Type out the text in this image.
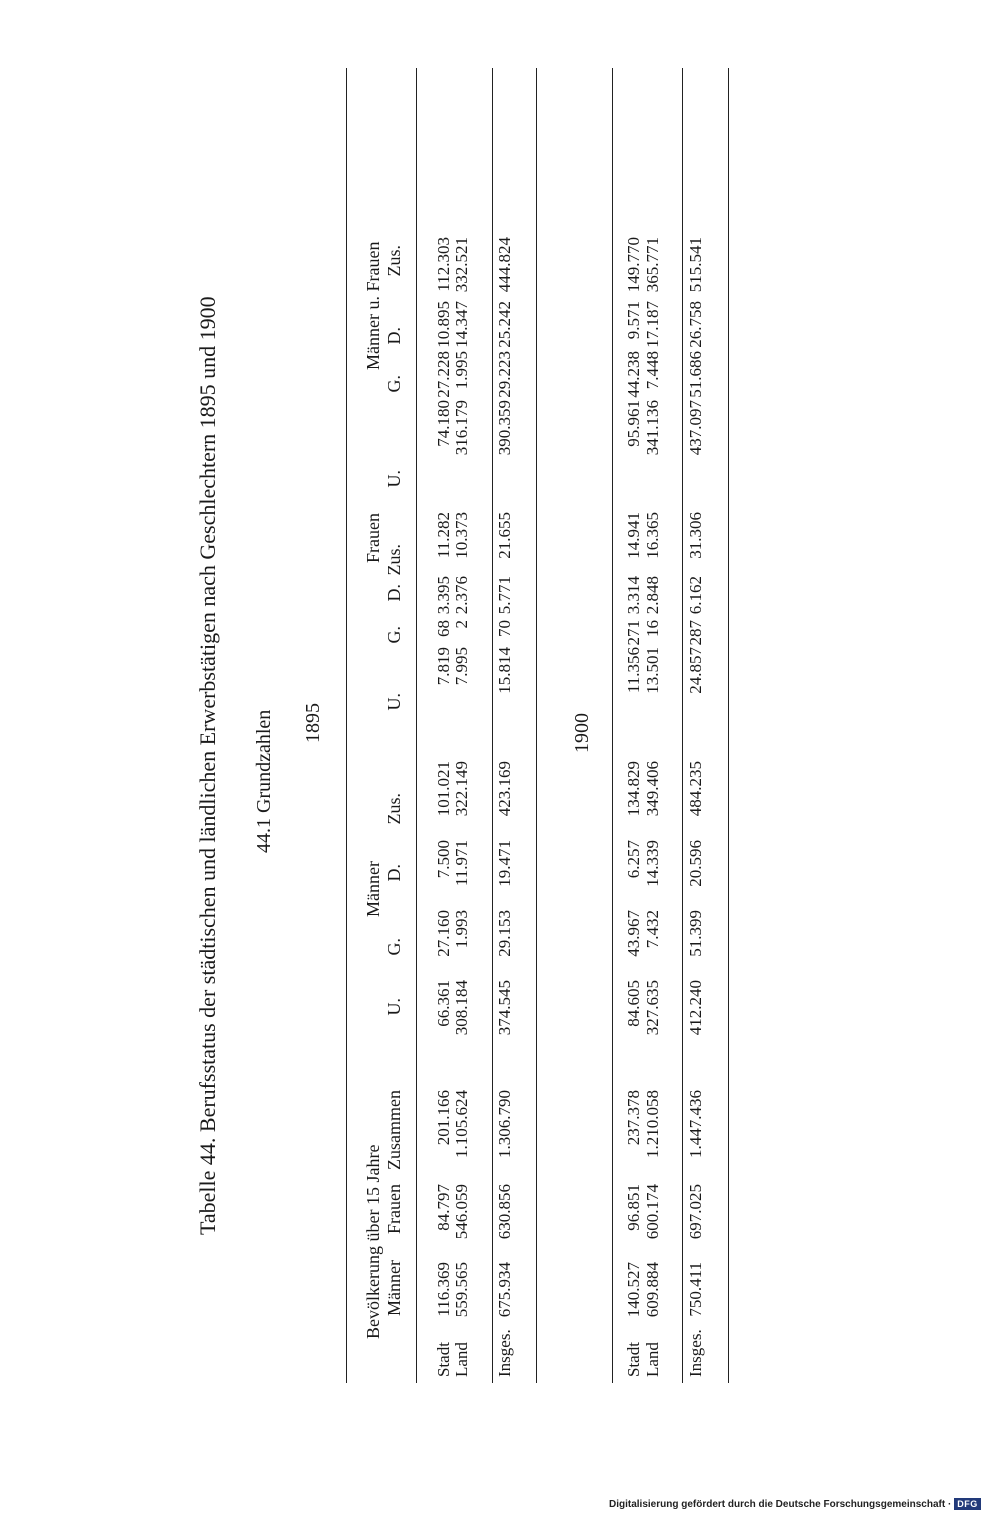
Tabelle 44. Berufsstatus der städtischen und ländlichen Erwerbstätigen nach Geschlechtern 1895 und 1900 44.1 Grundzahlen 1895	1900
Bevölkerung über 15 Jahre
Männer
Frauen
Männer u. Frauen
Männer
Frauen
Zusammen
U.
G.
D.
Zus.
U.
G.
D.
Zus.
U.
G.
D.
Zus.
Stadt
116.369
84.797
201.166
66.361
27.160
7.500
101.021
7.819
68
3.395
11.282
74.180
27.228
10.895
112.303
Land
559.565
546.059
1.105.624
308.184
1.993
11.971
322.149
7.995
2
2.376
10.373
316.179
1.995
14.347
332.521
Insges.
675.934
630.856
1.306.790
374.545
29.153
19.471
423.169
15.814
70
5.771
21.655
390.359
29.223
25.242
444.824
Stadt
140.527
96.851
237.378
84.605
43.967
6.257
134.829
11.356
271
3.314
14.941
95.961
44.238
9.571
149.770
Land
609.884
600.174
1.210.058
327.635
7.432
14.339
349.406
13.501
16
2.848
16.365
341.136
7.448
17.187
365.771
Insges.
750.411
697.025
1.447.436
412.240
51.399
20.596
484.235
24.857
287
6.162
31.306
437.097
51.686
26.758
515.541
Digitalisierung gefördert durch die Deutsche Forschungsgemeinschaft · DFG
